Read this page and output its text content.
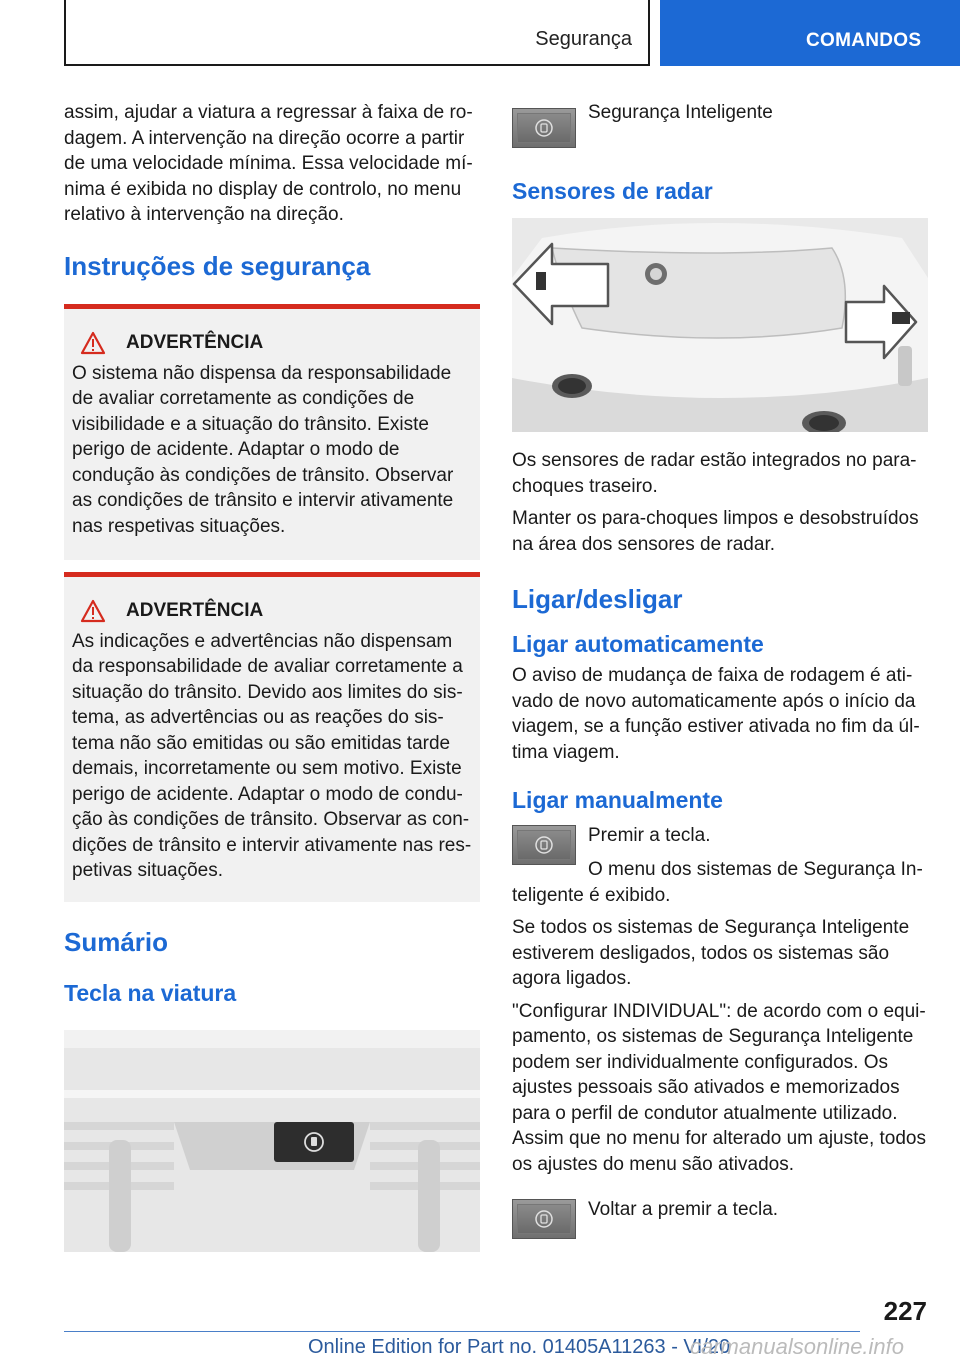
Segurança	COMANDOS

assim, ajudar a viatura a regressar à faixa de rodagem. A intervenção na direção ocorre a partir de uma velocidade mínima. Essa velocidade mínima é exibida no display de controlo, no menu relativo à intervenção na direção.

Instruções de segurança
ADVERTÊNCIA

O sistema não dispensa da responsabilidade de avaliar corretamente as condições de visibilidade e a situação do trânsito. Existe perigo de acidente. Adaptar o modo de condução às condições de trânsito. Observar as condições de trânsito e intervir ativamente nas respetivas situações.

ADVERTÊNCIA

As indicações e advertências não dispensam da responsabilidade de avaliar corretamente a situação do trânsito. Devido aos limites do sistema, as advertências ou as reações do sistema não são emitidas ou são emitidas tarde demais, incorretamente ou sem motivo. Existe perigo de acidente. Adaptar o modo de condução às condições de trânsito. Observar as condições de trânsito e intervir ativamente nas respetivas situações.

Sumário
Tecla na viatura
Segurança Inteligente
Sensores de radar

Os sensores de radar estão integrados no para-choques traseiro.

Manter os para-choques limpos e desobstruídos na área dos sensores de radar.

Ligar/desligar
Ligar automaticamente

O aviso de mudança de faixa de rodagem é ativado de novo automaticamente após o início da viagem, se a função estiver ativada no fim da última viagem.

Ligar manualmente

Premir a tecla.

O menu dos sistemas de Segurança Inteligente é exibido.

Se todos os sistemas de Segurança Inteligente estiverem desligados, todos os sistemas são agora ligados.

"Configurar INDIVIDUAL": de acordo com o equipamento, os sistemas de Segurança Inteligente podem ser individualmente configurados. Os ajustes pessoais são ativados e memorizados para o perfil de condutor atualmente utilizado. Assim que no menu for alterado um ajuste, todos os ajustes do menu são ativados.

Voltar a premir a tecla.

227
Online Edition for Part no. 01405A11263 - VI/20
carmanualsonline.info
